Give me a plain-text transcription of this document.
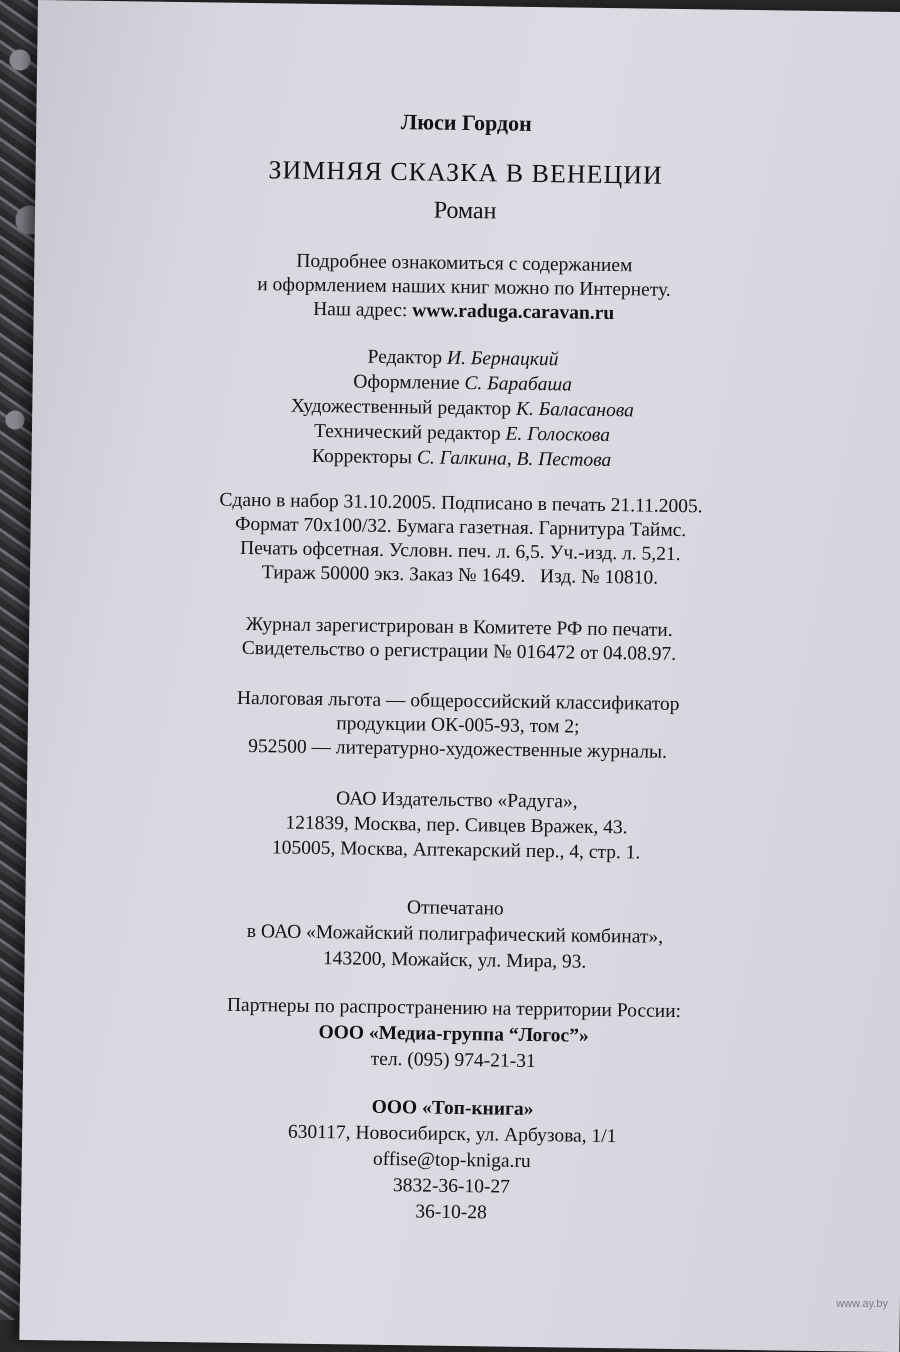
Люси Гордон
ЗИМНЯЯ СКАЗКА В ВЕНЕЦИИ
Роман
Подробнее ознакомиться с содержанием
и оформлением наших книг можно по Интернету.
Наш адрес: www.raduga.caravan.ru
Редактор И. Бернацкий
Оформление С. Барабаша
Художественный редактор К. Баласанова
Технический редактор Е. Голоскова
Корректоры С. Галкина, В. Пестова
Сдано в набор 31.10.2005. Подписано в печать 21.11.2005.
Формат 70х100/32. Бумага газетная. Гарнитура Таймс.
Печать офсетная. Условн. печ. л. 6,5. Уч.-изд. л. 5,21.
Тираж 50000 экз. Заказ № 1649.   Изд. № 10810.
Журнал зарегистрирован в Комитете РФ по печати.
Свидетельство о регистрации № 016472 от 04.08.97.
Налоговая льгота — общероссийский классификатор
продукции ОК-005-93, том 2;
952500 — литературно-художественные журналы.
ОАО Издательство «Радуга»,
121839, Москва, пер. Сивцев Вражек, 43.
105005, Москва, Аптекарский пер., 4, стр. 1.
Отпечатано
в ОАО «Можайский полиграфический комбинат»,
143200, Можайск, ул. Мира, 93.
Партнеры по распространению на территории России:
ООО «Медиа-группа “Логос”»
тел. (095) 974-21-31
ООО «Топ-книга»
630117, Новосибирск, ул. Арбузова, 1/1
offise@top-kniga.ru
3832-36-10-27
36-10-28
www.ay.by
